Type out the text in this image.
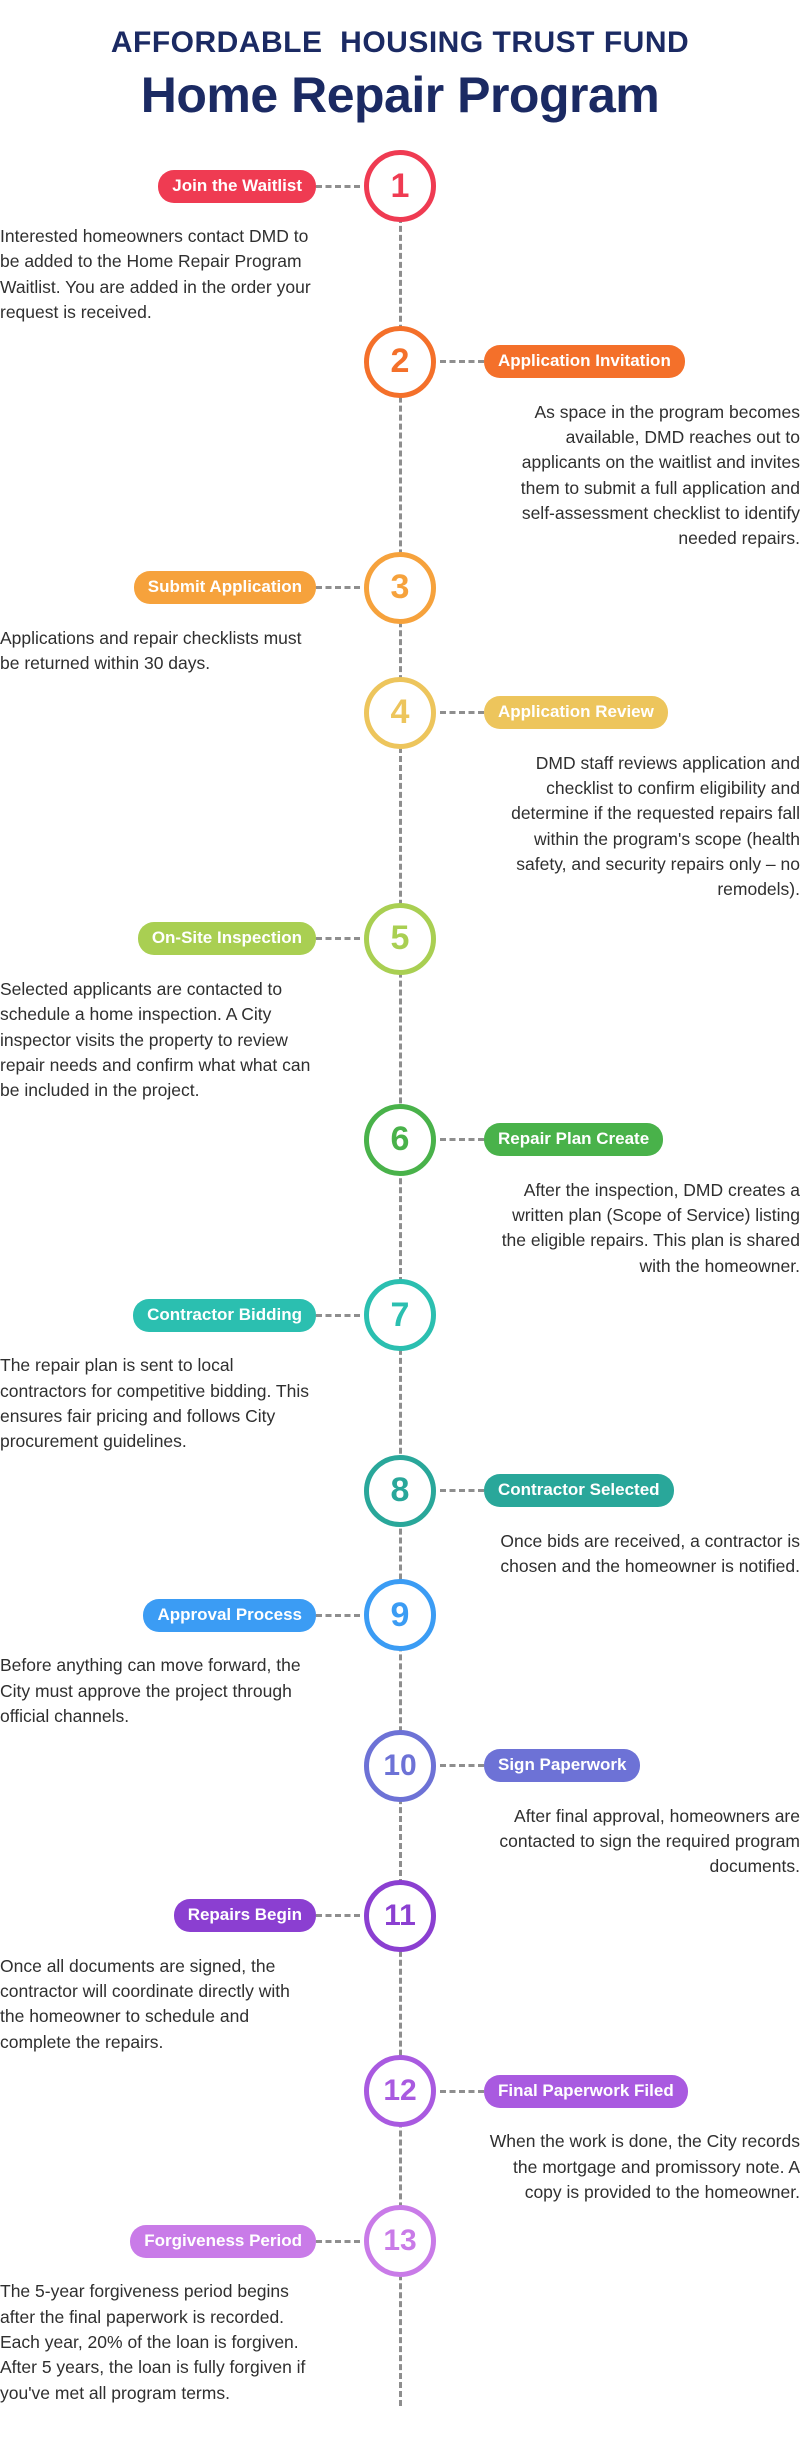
AFFORDABLE  HOUSING TRUST FUND
Home Repair Program
Join the Waitlist
Interested homeowners contact DMD to be added to the Home Repair Program Waitlist. You are added in the order your request is received.
1
2	Application Invitation
As space in the program becomes available, DMD reaches out to applicants on the waitlist and invites them to submit a full application and self-assessment checklist to identify needed repairs.
Submit Application
Applications and repair checklists must be returned within 30 days.
3
4	Application Review
DMD staff reviews application and checklist to confirm eligibility and determine if the requested repairs fall within the program's scope (health safety, and security repairs only – no remodels).
On-Site Inspection
Selected applicants are contacted to schedule a home inspection. A City inspector visits the property to review repair needs and confirm what what can be included in the project.
5
6	Repair Plan Create
After the inspection, DMD creates a written plan (Scope of Service) listing the eligible repairs. This plan is shared with the homeowner.
Contractor Bidding
The repair plan is sent to local contractors for competitive bidding. This ensures fair pricing and follows City procurement guidelines.
7
8	Contractor Selected
Once bids are received, a contractor is chosen and the homeowner is notified.
Approval Process
Before anything can move forward, the City must approve the project through official channels.
9
10	Sign Paperwork
After final approval, homeowners are contacted to sign the required program documents.
Repairs Begin
Once all documents are signed, the contractor will coordinate directly with the homeowner to schedule and complete the repairs.
11
12	Final Paperwork Filed
When the work is done, the City records the mortgage and promissory note. A copy is provided to the homeowner.
Forgiveness Period
The 5-year forgiveness period begins after the final paperwork is recorded. Each year, 20% of the loan is forgiven. After 5 years, the loan is fully forgiven if you've met all program terms.
13
